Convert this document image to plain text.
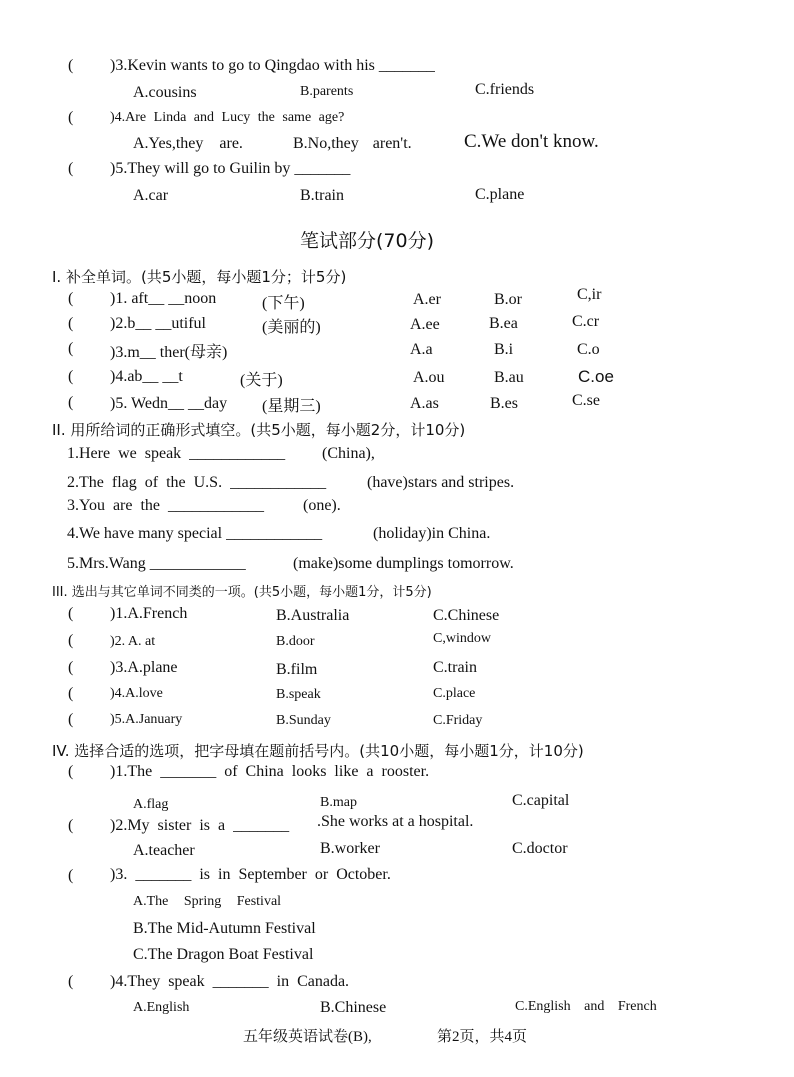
( )3.Kevin wants to go to Qingdao with his _______
A.cousins	B.parents	C.friends
(	)4.Are Linda and Lucy the same age?
A.Yes,they are.	B.No,they aren't.	C.We don't know.
( )5.They will go to Guilin by _______
A.car	B.train	C.plane
笔试部分(70分)
I. 补全单词。(共5小题，每小题1分；计5分)
( )1. aft__ __noon	(下午)	A.er	B.or	C,ir
( )2.b__ __utiful	(美丽的)	A.ee	B.ea	C.cr
( )3.m__ ther(母亲)	A.a	B.i	C.o
( )4.ab__ __t	(关于)	A.ou	B.au	C.oe
( )5. Wedn__ __day (星期三)	A.as	B.es	C.se
II. 用所给词的正确形式填空。(共5小题，每小题2分，计10分)
1.Here we speak ____________ (China),
2.The flag of the U.S. ____________	(have)stars and stripes.
3.You are the ____________ (one).
4.We have many special ____________	(holiday)in China.
5.Mrs.Wang ____________	(make)some dumplings tomorrow.
III. 选出与其它单词不同类的一项。(共5小题，每小题1分，计5分)
( )1.A.French	B.Australia	C.Chinese
(	)2. A. at	B.door	C,window
( )3.A.plane	B.film	C.train
(	)4.A.love	B.speak	C.place
(	)5.A.January	B.Sunday	C.Friday
IV. 选择合适的选项，把字母填在题前括号内。(共10小题，每小题1分，计10分)
( )1.The _______ of China looks like a rooster.
A.flag	B.map	C.capital
( )2.My sister is a _______ .She works at a hospital.
A.teacher	B.worker	C.doctor
( )3. _______ is in September or October.
A.The Spring Festival
B.The Mid-Autumn Festival
C.The Dragon Boat Festival
( )4.They speak _______ in Canada.
A.English	B.Chinese	C.English and French
五年级英语试卷(B),	第2页，共4页
